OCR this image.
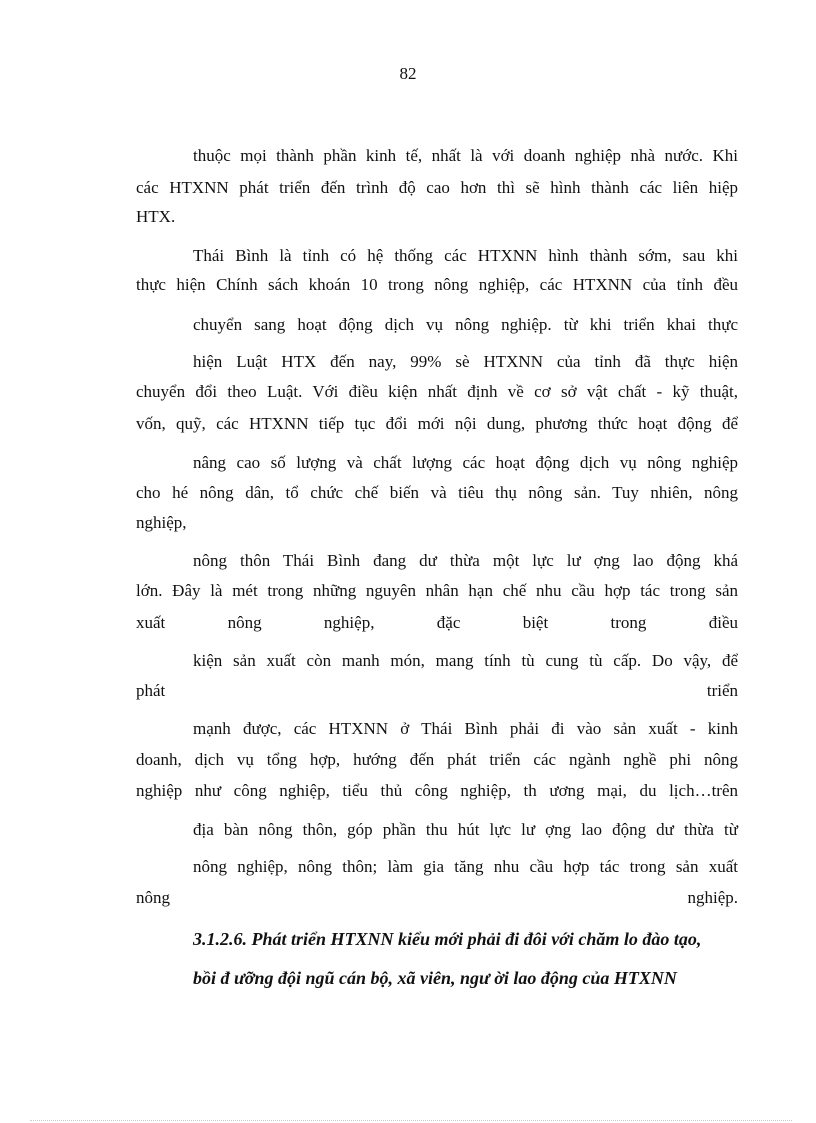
82
thuộc mọi thành phần kinh tế, nhất là với doanh nghiệp nhà nước. Khi
các HTXNN phát triển đến trình độ cao hơn thì sẽ hình thành các liên hiệp
HTX.
Thái Bình là tỉnh có hệ thống các HTXNN hình thành sớm, sau khi
thực hiện Chính sách khoán 10 trong nông nghiệp, các HTXNN của tỉnh đều
chuyển sang hoạt động dịch vụ nông nghiệp. từ khi triển khai thực
hiện Luật HTX đến nay, 99% sè HTXNN của tỉnh đã thực hiện
chuyển đổi theo Luật. Với điều kiện nhất định về cơ sở vật chất - kỹ thuật,
vốn, quỹ, các HTXNN tiếp tục đổi mới nội dung, phương thức hoạt động để
nâng cao số lượng và chất lượng các hoạt động dịch vụ nông nghiệp
cho hé nông dân, tổ chức chế biến và tiêu thụ nông sản. Tuy nhiên, nông
nghiệp,
nông thôn Thái Bình đang dư thừa một lực lư ợng lao động khá
lớn. Đây là mét trong những nguyên nhân hạn chế nhu cầu hợp tác trong sản
xuất nông nghiệp, đặc biệt trong điều
kiện sản xuất còn manh món, mang tính tù cung tù cấp. Do vậy, để
phát triển
mạnh được, các HTXNN ở Thái Bình phải đi vào sản xuất - kinh
doanh, dịch vụ tổng hợp, hướng đến phát triển các ngành nghề phi nông
nghiệp như công nghiệp, tiểu thủ công nghiệp, th ương mại, du lịch…trên
địa bàn nông thôn, góp phần thu hút lực lư ợng lao động dư thừa từ
nông nghiệp, nông thôn; làm gia tăng nhu cầu hợp tác trong sản xuất
nông nghiệp.
3.1.2.6. Phát triển HTXNN kiểu mới phải đi đôi với chăm lo đào tạo,
bồi đ ưỡng đội ngũ cán bộ, xã viên, ngư ời lao động của HTXNN
